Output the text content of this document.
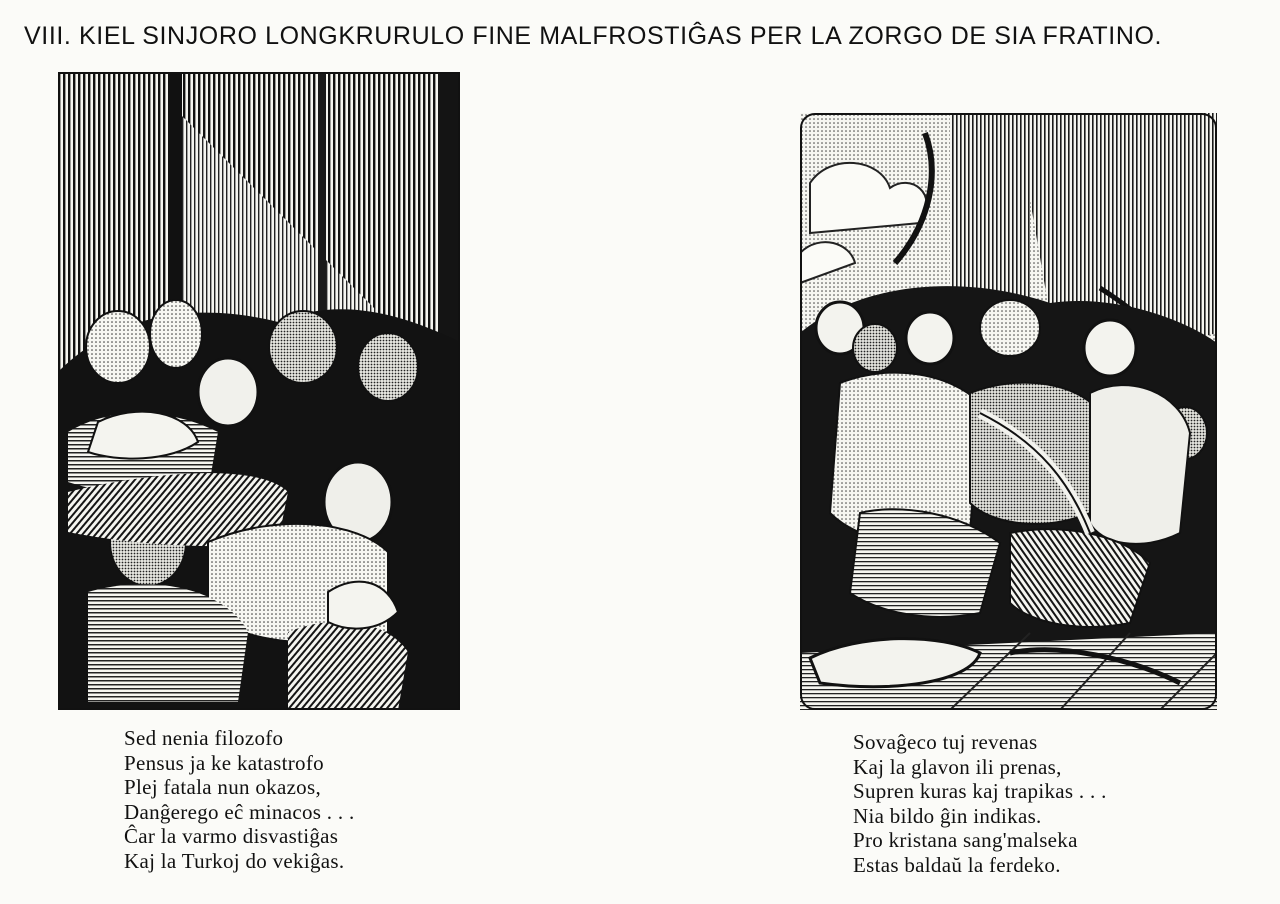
VIII. KIEL SINJORO LONGKRURULO FINE MALFROSTIĜAS PER LA ZORGO DE SIA FRATINO.
Sed nenia filozofo
Pensus ja ke katastrofo
Plej fatala nun okazos,
Danĝerego eĉ minacos . . .
Ĉar la varmo disvastiĝas
Kaj la Turkoj do vekiĝas.
Sovaĝeco tuj revenas
Kaj la glavon ili prenas,
Supren kuras kaj trapikas . . .
Nia bildo ĝin indikas.
Pro kristana sang'malseka
Estas baldaŭ la ferdeko.
